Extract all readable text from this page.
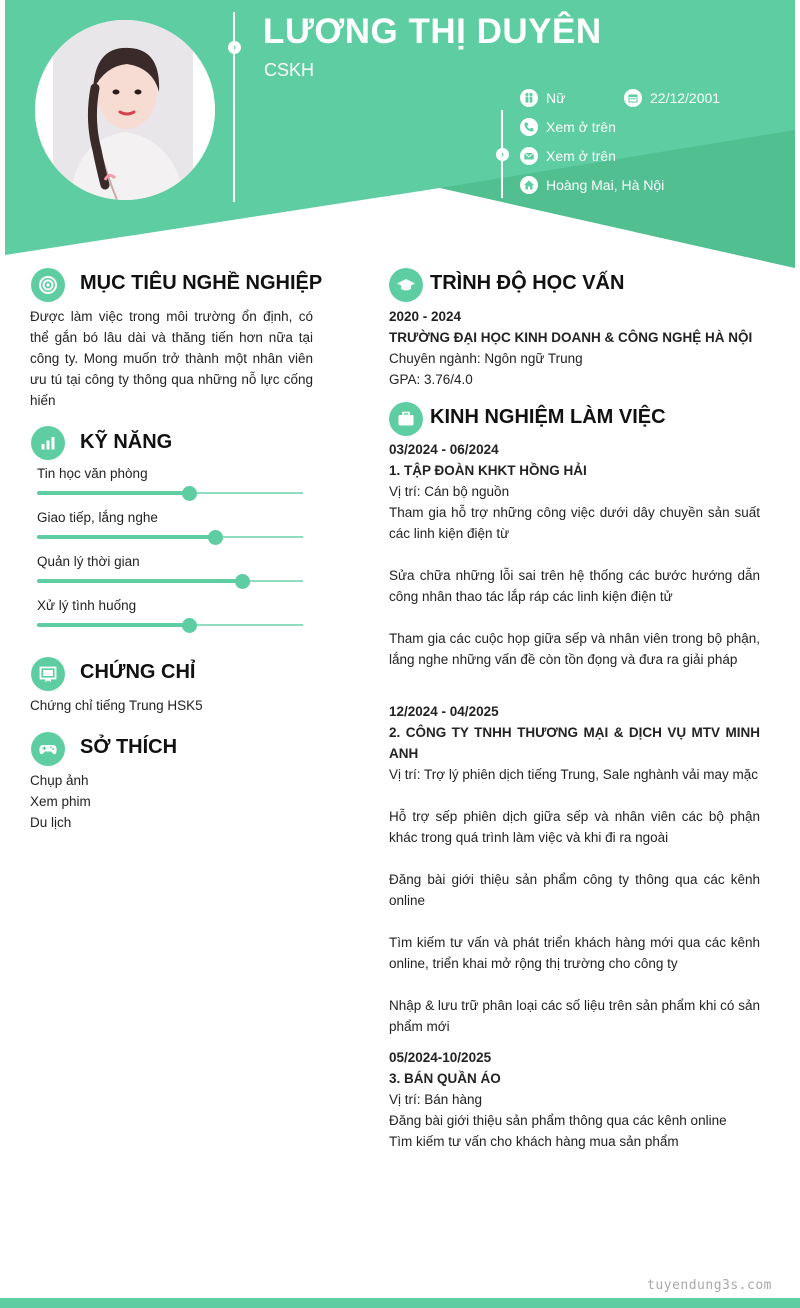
› LƯƠNG THỊ DUYÊN
CSKH
›
Nữ	22/12/2001
Xem ở trên
Xem ở trên
Hoàng Mai, Hà Nội
MỤC TIÊU NGHỀ NGHIỆP
Được làm việc trong môi trường ổn định, có thể gắn bó lâu dài và thăng tiến hơn nữa tại công ty. Mong muốn trở thành một nhân viên ưu tú tại công ty thông qua những nỗ lực cống hiến
KỸ NĂNG
Tin học văn phòng
Giao tiếp, lắng nghe
Quản lý thời gian
Xử lý tình huống
CHỨNG CHỈ
Chứng chỉ tiếng Trung HSK5
SỞ THÍCH
Chụp ảnh
Xem phim
Du lịch
TRÌNH ĐỘ HỌC VẤN
2020 - 2024
TRƯỜNG ĐẠI HỌC KINH DOANH & CÔNG NGHỆ HÀ NỘI
Chuyên ngành: Ngôn ngữ Trung
GPA: 3.76/4.0
KINH NGHIỆM LÀM VIỆC
03/2024 - 06/2024
1. TẬP ĐOÀN KHKT HỒNG HẢI
Vị trí: Cán bộ nguồn
Tham gia hỗ trợ những công việc dưới dây chuyền sản suất các linh kiện điện từ
Sửa chữa những lỗi sai trên hệ thống các bước hướng dẫn công nhân thao tác lắp ráp các linh kiện điện tử
Tham gia các cuộc họp giữa sếp và nhân viên trong bộ phận, lắng nghe những vấn đề còn tồn đọng và đưa ra giải pháp
12/2024 - 04/2025
2. CÔNG TY TNHH THƯƠNG MẠI & DỊCH VỤ MTV MINH ANH
Vị trí: Trợ lý phiên dịch tiếng Trung, Sale nghành vải may mặc
Hỗ trợ sếp phiên dịch giữa sếp và nhân viên các bộ phận khác trong quá trình làm việc và khi đi ra ngoài
Đăng bài giới thiệu sản phẩm công ty thông qua các kênh online
Tìm kiếm tư vấn và phát triển khách hàng mới qua các kênh online, triển khai mở rộng thị trường cho công ty
Nhập & lưu trữ phân loại các số liệu trên sản phẩm khi có sản phẩm mới
05/2024-10/2025
3. BÁN QUẦN ÁO
Vị trí: Bán hàng
Đăng bài giới thiệu sản phẩm thông qua các kênh online
Tìm kiếm tư vấn cho khách hàng mua sản phẩm
tuyendung3s.com
